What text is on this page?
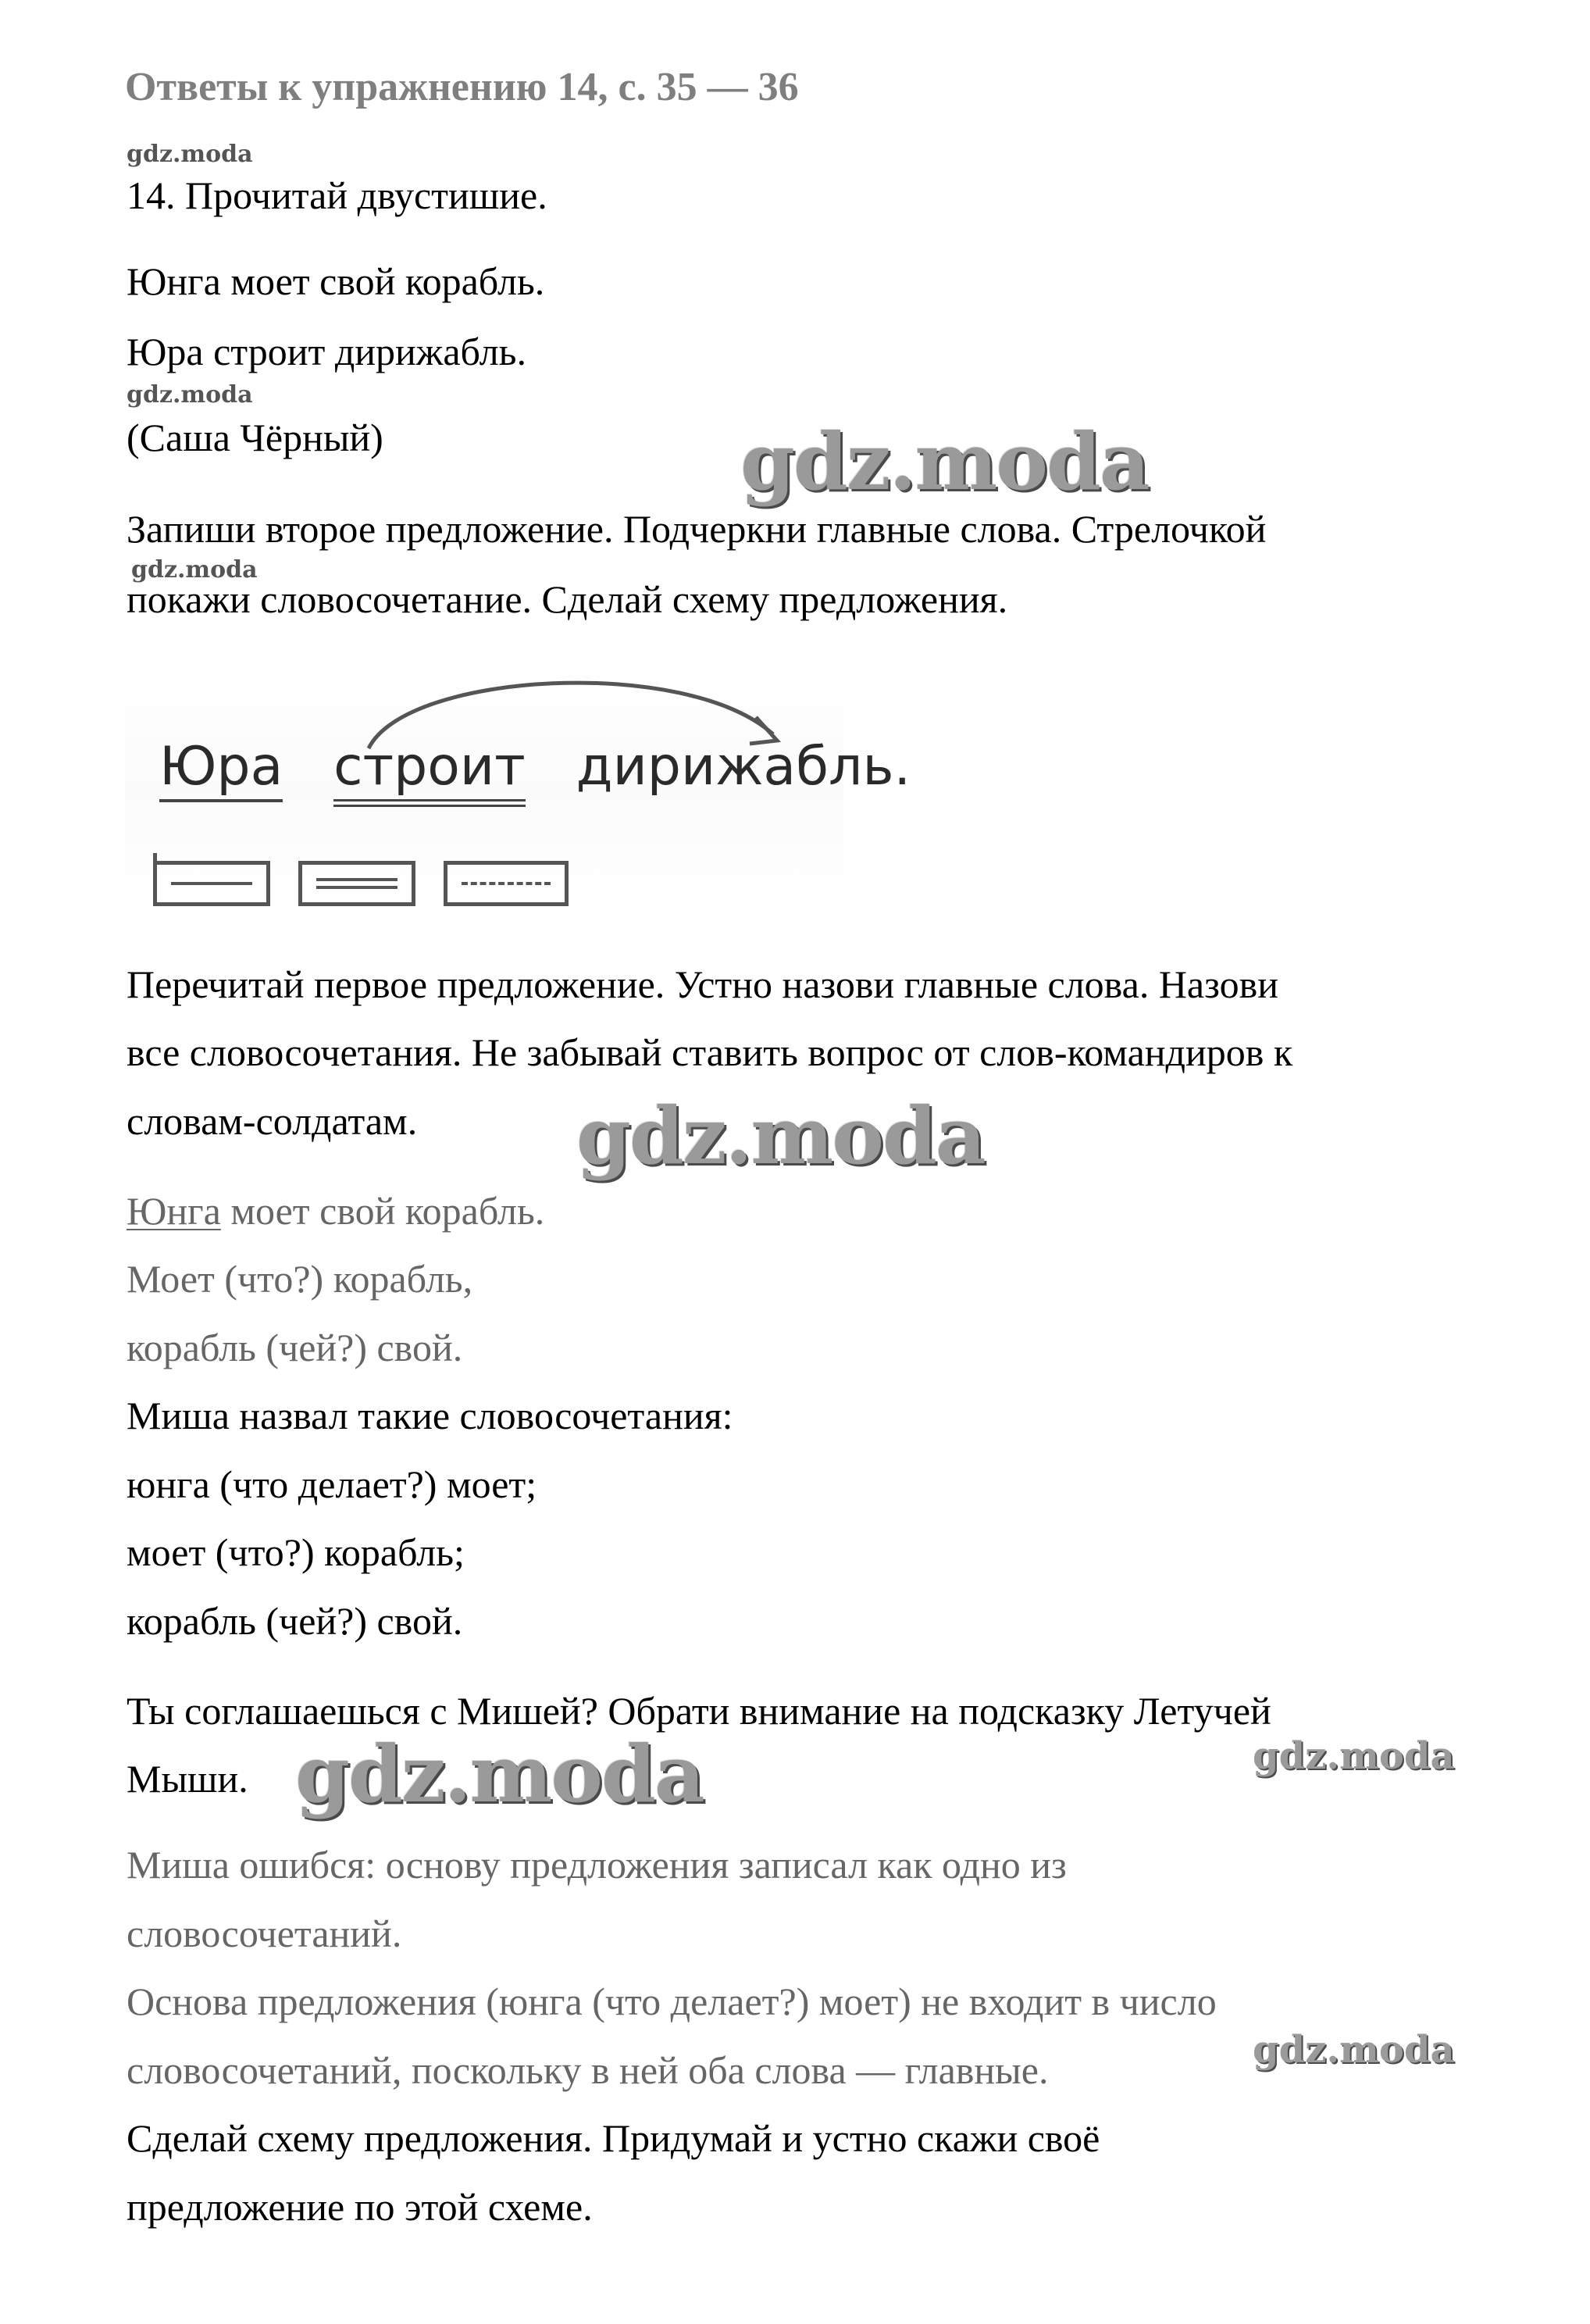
Ответы к упражнению 14, с. 35 — 36
gdz.moda
14. Прочитай двустишие.
Юнга моет свой корабль.
Юра строит дирижабль.
gdz.moda
(Саша Чёрный)	gdz.moda
Запиши второе предложение. Подчеркни главные слова. Стрелочкой
gdz.moda
покажи словосочетание. Сделай схему предложения.
Юра строит дирижабль.
Перечитай первое предложение. Устно назови главные слова. Назови
все словосочетания. Не забывай ставить вопрос от слов-командиров к
словам-солдатам. gdz.moda
Юнга моет свой корабль.
Моет (что?) корабль,
корабль (чей?) свой.
Миша назвал такие словосочетания:
юнга (что делает?) моет;
моет (что?) корабль;
корабль (чей?) свой.
Ты соглашаешься с Мишей? Обрати внимание на подсказку Летучей
Мыши. gdz.moda	gdz.moda
Миша ошибся: основу предложения записал как одно из
словосочетаний.
Основа предложения (юнга (что делает?) моет) не входит в число
словосочетаний, поскольку в ней оба слова — главные.	gdz.moda
Сделай схему предложения. Придумай и устно скажи своё
предложение по этой схеме.
